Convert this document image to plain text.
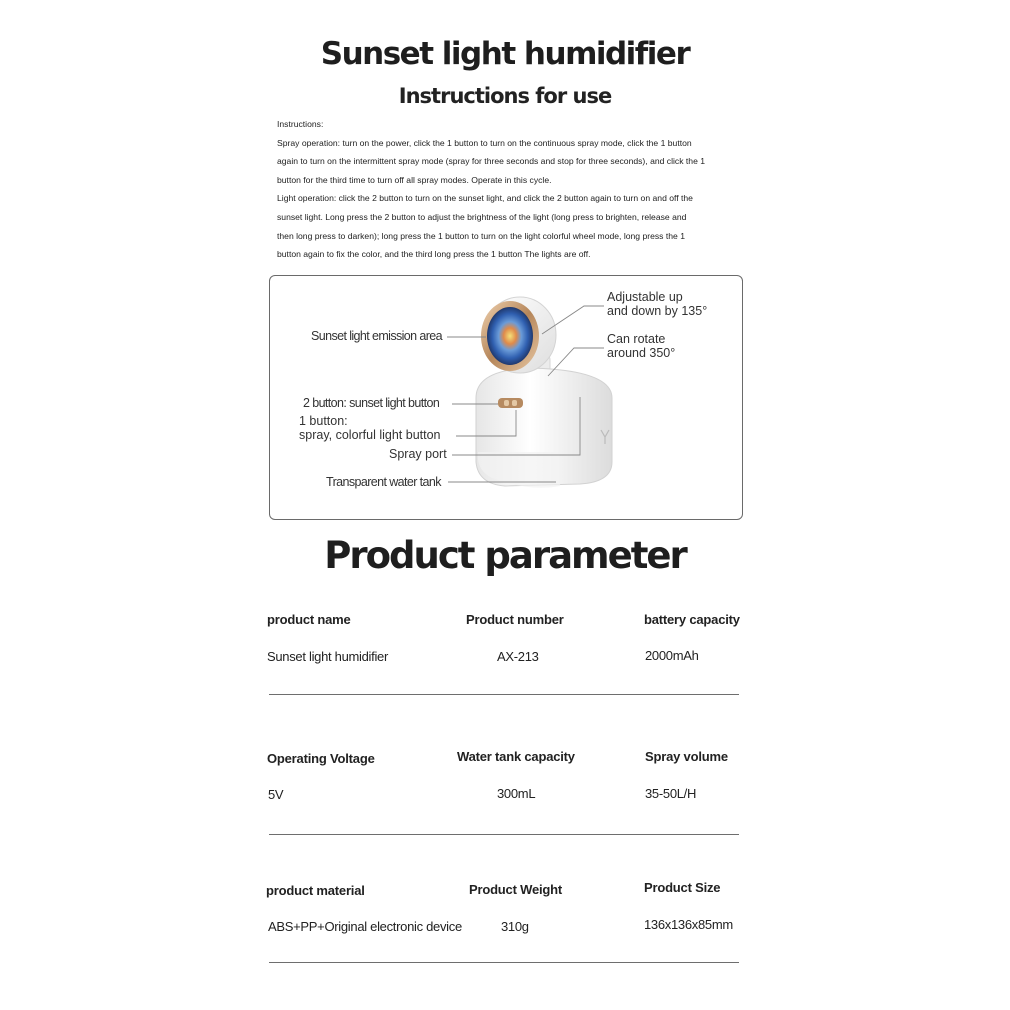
Sunset light humidifier
Instructions for use
Instructions:
Spray operation: turn on the power, click the 1 button to turn on the continuous spray mode, click the 1 button
again to turn on the intermittent spray mode (spray for three seconds and stop for three seconds), and click the 1
button for the third time to turn off all spray modes. Operate in this cycle.
Light operation: click the 2 button to turn on the sunset light, and click the 2 button again to turn on and off the
sunset light. Long press the 2 button to adjust the brightness of the light (long press to brighten, release and
then long press to darken); long press the 1 button to turn on the light colorful wheel mode, long press the 1
button again to fix the color, and the third long press the 1 button The lights are off.
Adjustable up
and down by 135°
Can rotate
around 350°
Sunset light emission area
2 button: sunset light button
1 button:
spray, colorful light button
Spray port
Transparent water tank
Product parameter
product name	Product number	battery capacity
Sunset light humidifier	AX-213	2000mAh
Operating Voltage	Water tank capacity	Spray volume
5V	300mL	35-50L/H
product material	Product Weight	Product Size
ABS+PP+Original electronic device	310g	136x136x85mm
